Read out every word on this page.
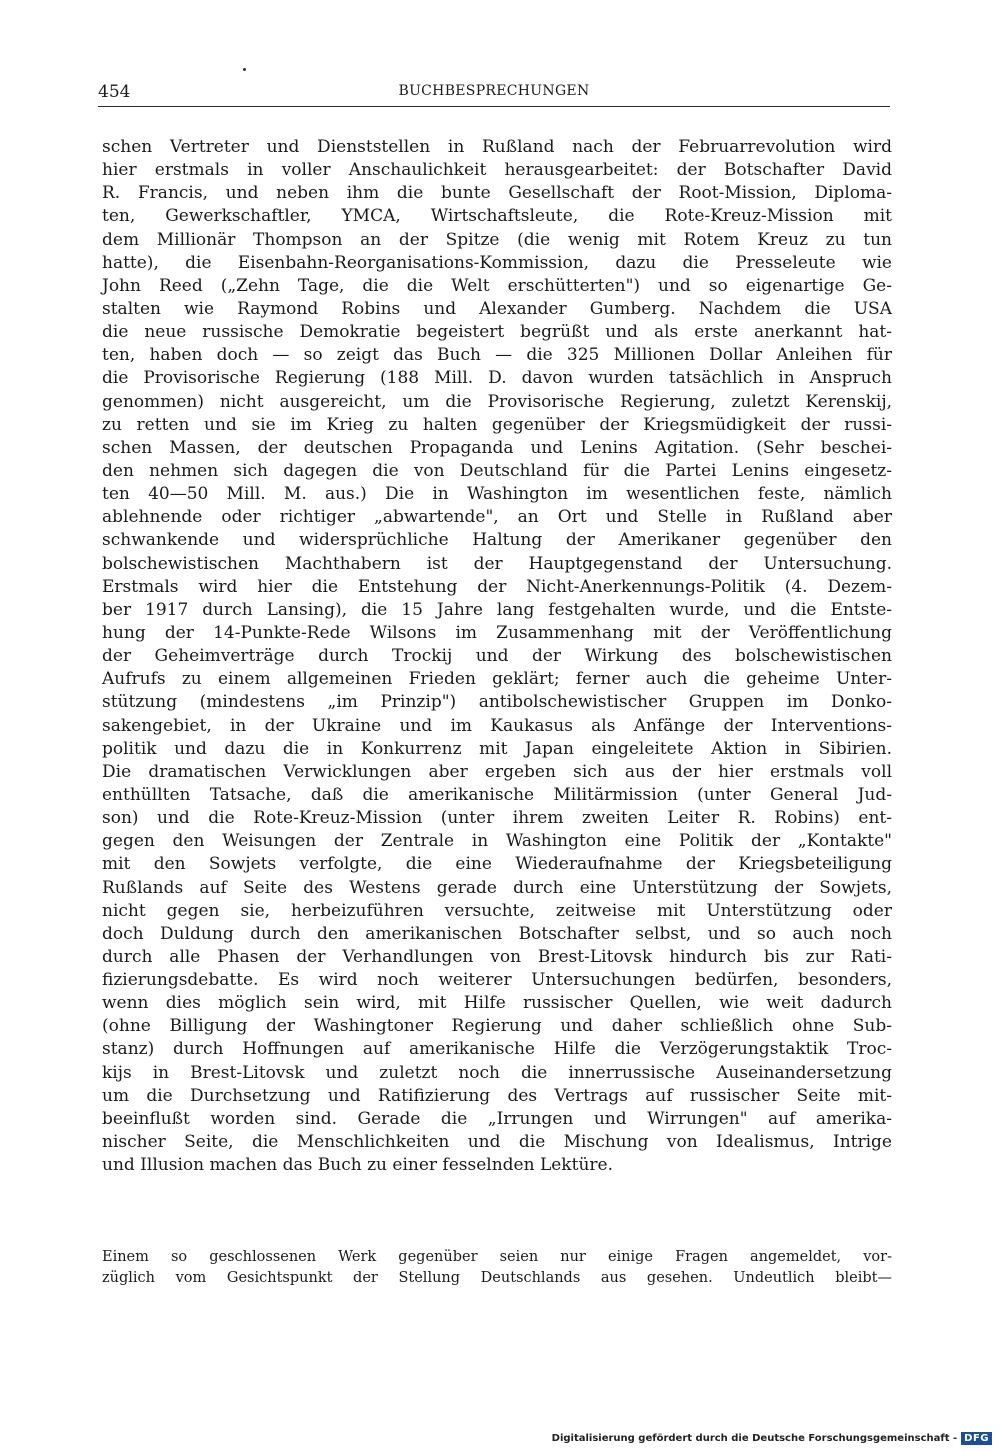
454	BUCHBESPRECHUNGEN
schen Vertreter und Dienststellen in Rußland nach der Februarrevolution wird
hier erstmals in voller Anschaulichkeit herausgearbeitet: der Botschafter David
R. Francis, und neben ihm die bunte Gesellschaft der Root-Mission, Diploma-
ten, Gewerkschaftler, YMCA, Wirtschaftsleute, die Rote-Kreuz-Mission mit
dem Millionär Thompson an der Spitze (die wenig mit Rotem Kreuz zu tun
hatte), die Eisenbahn-Reorganisations-Kommission, dazu die Presseleute wie
John Reed („Zehn Tage, die die Welt erschütterten") und so eigenartige Ge-
stalten wie Raymond Robins und Alexander Gumberg. Nachdem die USA
die neue russische Demokratie begeistert begrüßt und als erste anerkannt hat-
ten, haben doch — so zeigt das Buch — die 325 Millionen Dollar Anleihen für
die Provisorische Regierung (188 Mill. D. davon wurden tatsächlich in Anspruch
genommen) nicht ausgereicht, um die Provisorische Regierung, zuletzt Kerenskij,
zu retten und sie im Krieg zu halten gegenüber der Kriegsmüdigkeit der russi-
schen Massen, der deutschen Propaganda und Lenins Agitation. (Sehr beschei-
den nehmen sich dagegen die von Deutschland für die Partei Lenins eingesetz-
ten 40—50 Mill. M. aus.) Die in Washington im wesentlichen feste, nämlich
ablehnende oder richtiger „abwartende", an Ort und Stelle in Rußland aber
schwankende und widersprüchliche Haltung der Amerikaner gegenüber den
bolschewistischen Machthabern ist der Hauptgegenstand der Untersuchung.
Erstmals wird hier die Entstehung der Nicht-Anerkennungs-Politik (4. Dezem-
ber 1917 durch Lansing), die 15 Jahre lang festgehalten wurde, und die Entste-
hung der 14-Punkte-Rede Wilsons im Zusammenhang mit der Veröffentlichung
der Geheimverträge durch Trockij und der Wirkung des bolschewistischen
Aufrufs zu einem allgemeinen Frieden geklärt; ferner auch die geheime Unter-
stützung (mindestens „im Prinzip") antibolschewistischer Gruppen im Donko-
sakengebiet, in der Ukraine und im Kaukasus als Anfänge der Interventions-
politik und dazu die in Konkurrenz mit Japan eingeleitete Aktion in Sibirien.
Die dramatischen Verwicklungen aber ergeben sich aus der hier erstmals voll
enthüllten Tatsache, daß die amerikanische Militärmission (unter General Jud-
son) und die Rote-Kreuz-Mission (unter ihrem zweiten Leiter R. Robins) ent-
gegen den Weisungen der Zentrale in Washington eine Politik der „Kontakte"
mit den Sowjets verfolgte, die eine Wiederaufnahme der Kriegsbeteiligung
Rußlands auf Seite des Westens gerade durch eine Unterstützung der Sowjets,
nicht gegen sie, herbeizuführen versuchte, zeitweise mit Unterstützung oder
doch Duldung durch den amerikanischen Botschafter selbst, und so auch noch
durch alle Phasen der Verhandlungen von Brest-Litovsk hindurch bis zur Rati-
fizierungsdebatte. Es wird noch weiterer Untersuchungen bedürfen, besonders,
wenn dies möglich sein wird, mit Hilfe russischer Quellen, wie weit dadurch
(ohne Billigung der Washingtoner Regierung und daher schließlich ohne Sub-
stanz) durch Hoffnungen auf amerikanische Hilfe die Verzögerungstaktik Troc-
kijs in Brest-Litovsk und zuletzt noch die innerrussische Auseinandersetzung
um die Durchsetzung und Ratifizierung des Vertrags auf russischer Seite mit-
beeinflußt worden sind. Gerade die „Irrungen und Wirrungen" auf amerika-
nischer Seite, die Menschlichkeiten und die Mischung von Idealismus, Intrige
und Illusion machen das Buch zu einer fesselnden Lektüre.
Einem so geschlossenen Werk gegenüber seien nur einige Fragen angemeldet, vor-
züglich vom Gesichtspunkt der Stellung Deutschlands aus gesehen. Undeutlich bleibt—
Digitalisierung gefördert durch die Deutsche Forschungsgemeinschaft - DFG
